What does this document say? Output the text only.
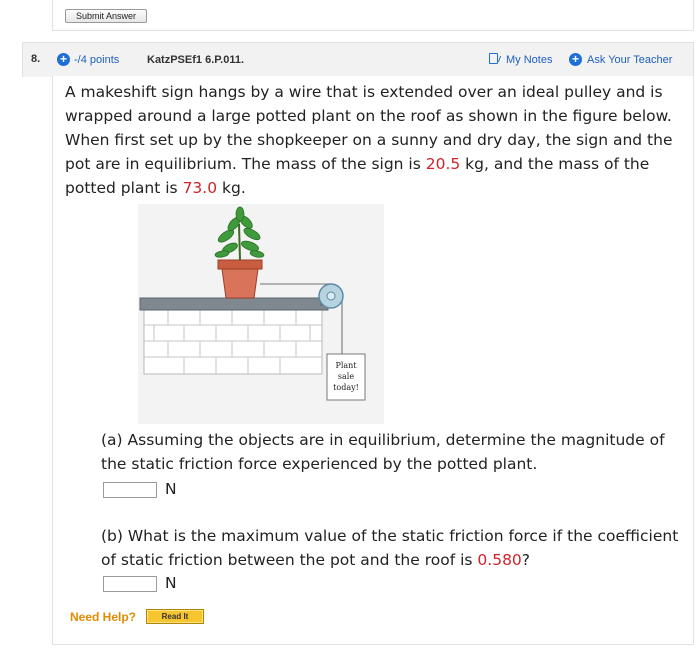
Submit Answer
8. + -/4 points	KatzPSEf1 6.P.011.	My Notes + Ask Your Teacher
A makeshift sign hangs by a wire that is extended over an ideal pulley and is wrapped around a large potted plant on the roof as shown in the figure below. When first set up by the shopkeeper on a sunny and dry day, the sign and the pot are in equilibrium. The mass of the sign is 20.5 kg, and the mass of the potted plant is 73.0 kg.
Plant
sale
today!
(a) Assuming the objects are in equilibrium, determine the magnitude of the static friction force experienced by the potted plant.
N
(b) What is the maximum value of the static friction force if the coefficient of static friction between the pot and the roof is 0.580?
N
Need Help?	Read It
